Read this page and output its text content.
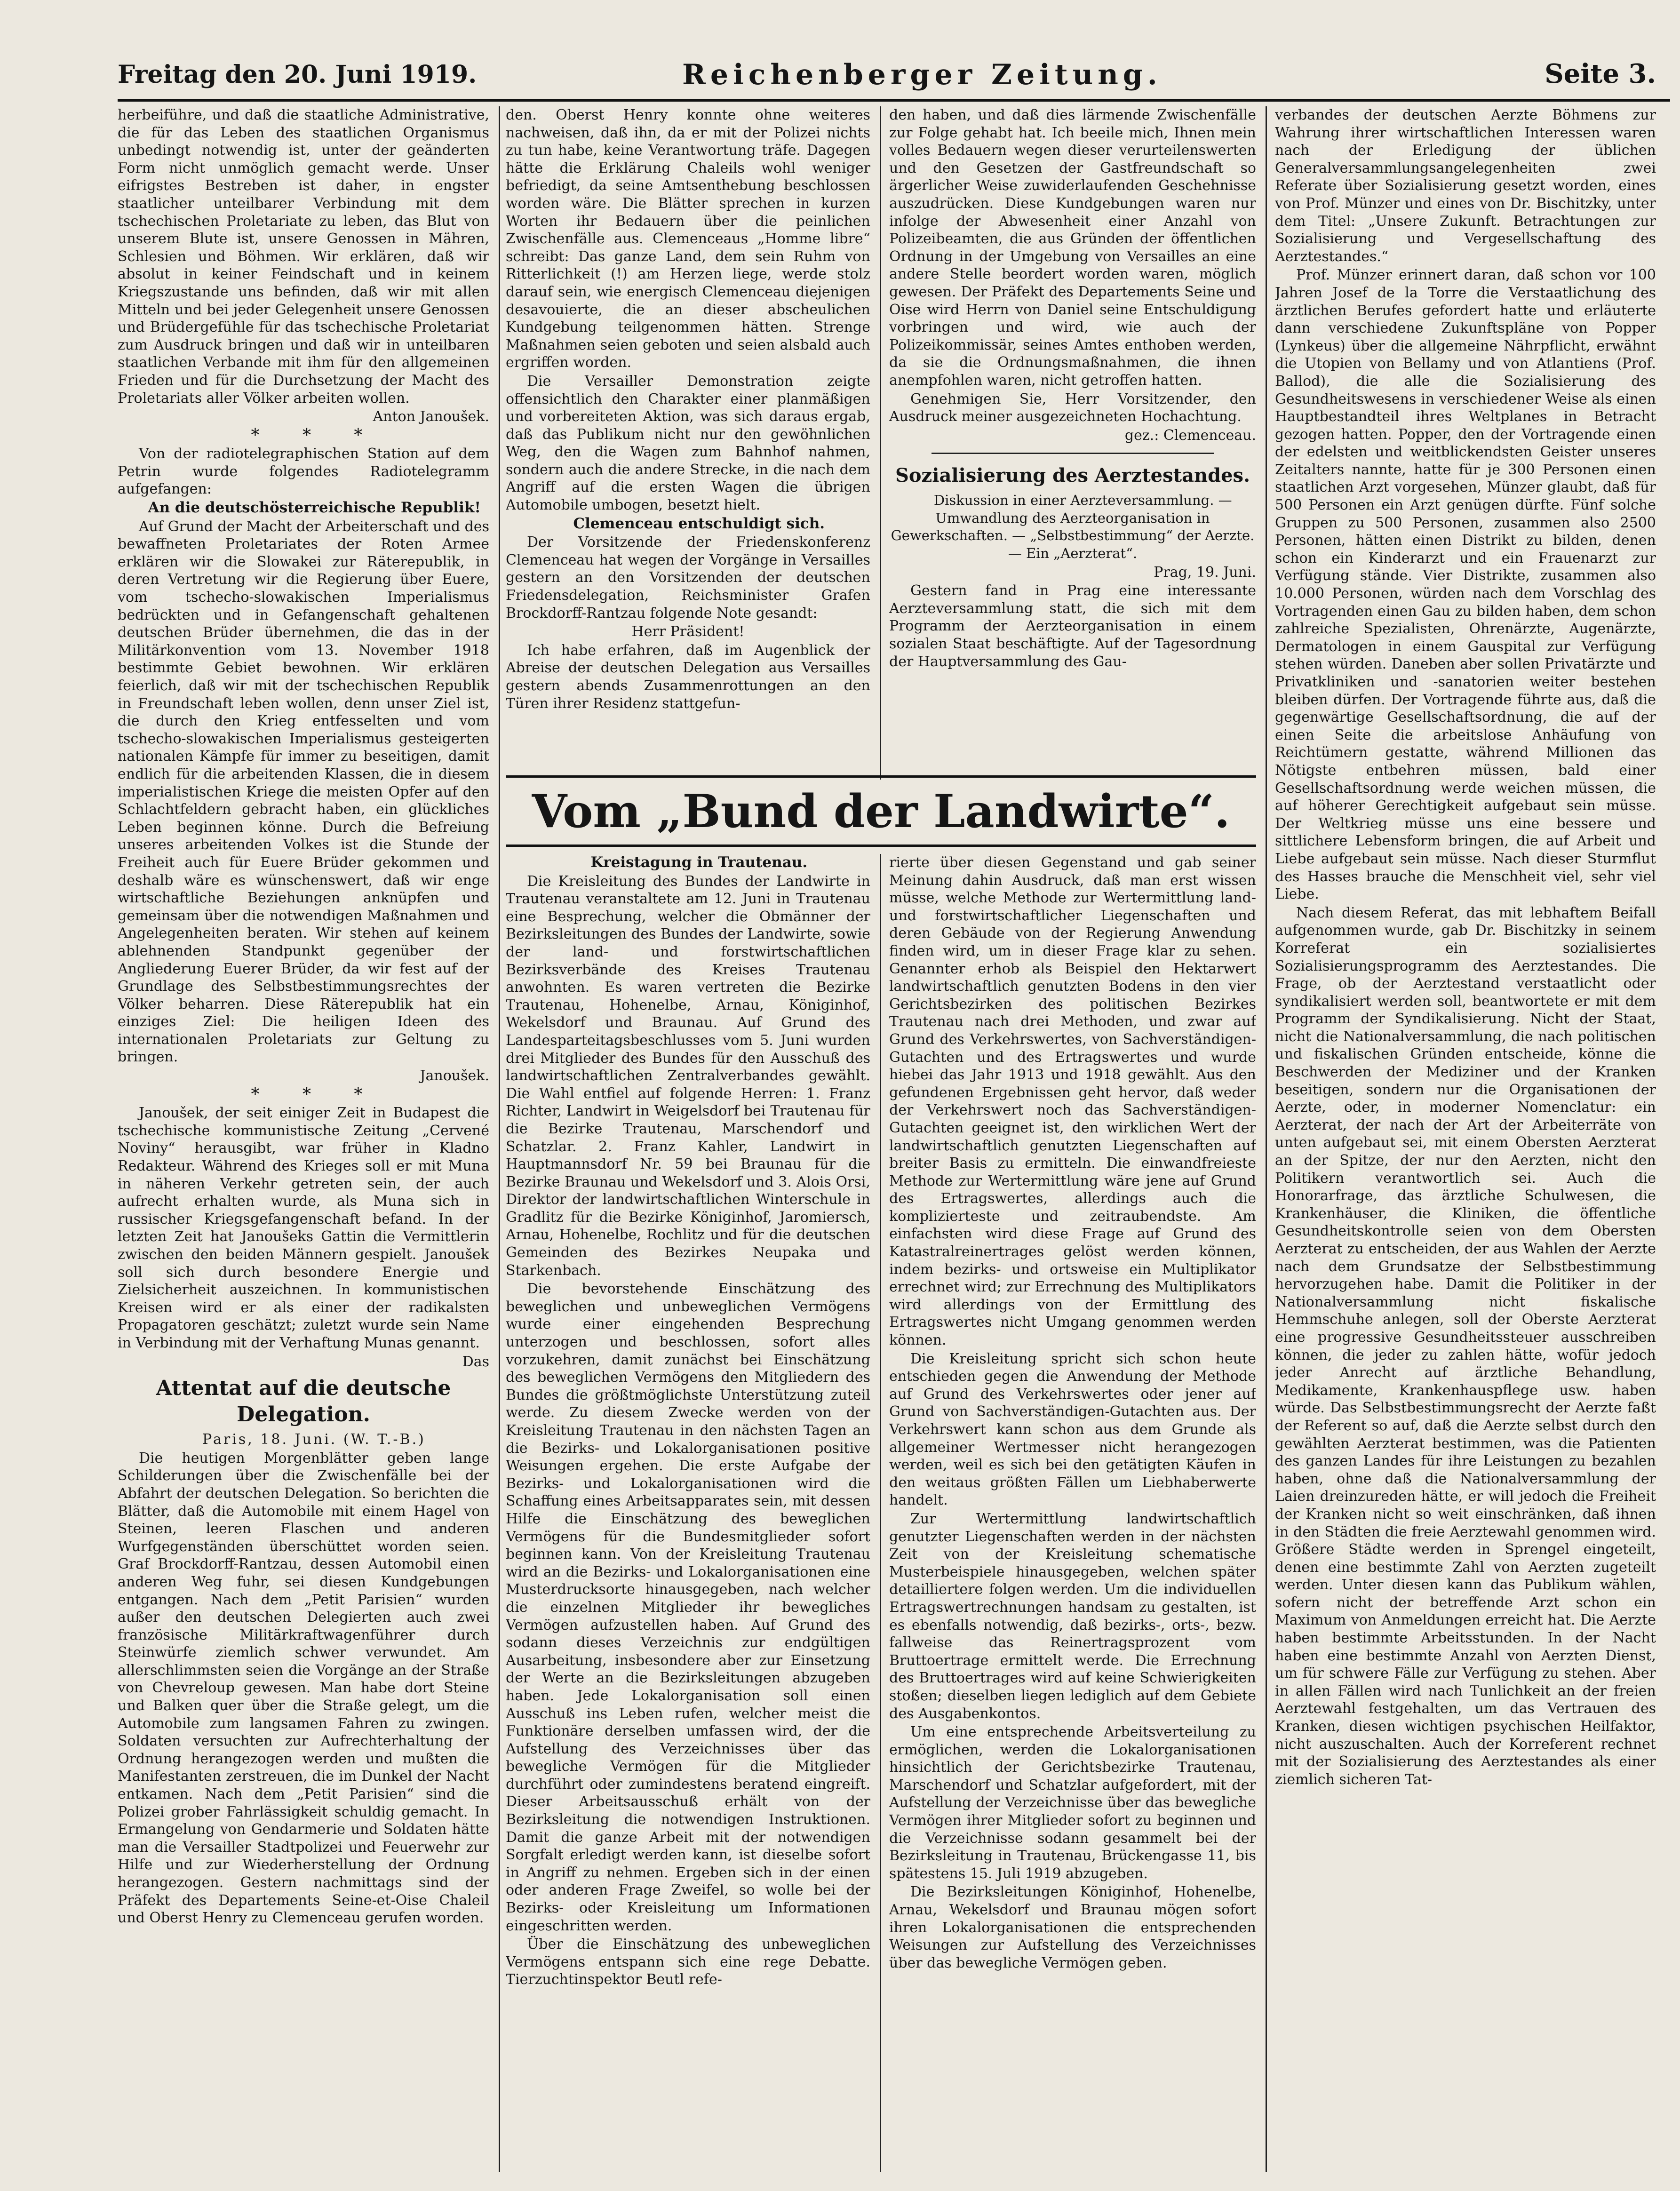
Freitag den 20. Juni 1919.	Reichenberger Zeitung.	Seite 3.

herbeiführe, und daß die staatliche Administrative, die für das Leben des staatlichen Organismus unbedingt notwendig ist, unter der geänderten Form nicht unmöglich gemacht werde. Unser eifrigstes Bestreben ist daher, in engster staatlicher unteilbarer Verbindung mit dem tschechischen Proletariate zu leben, das Blut von unserem Blute ist, unsere Genossen in Mähren, Schlesien und Böhmen. Wir erklären, daß wir absolut in keiner Feindschaft und in keinem Kriegszustande uns befinden, daß wir mit allen Mitteln und bei jeder Gelegenheit unsere Genossen und Brüdergefühle für das tschechische Proletariat zum Ausdruck bringen und daß wir in unteilbaren staatlichen Verbande mit ihm für den allgemeinen Frieden und für die Durchsetzung der Macht des Proletariats aller Völker arbeiten wollen.

Anton Janoušek.

* * *

Von der radiotelegraphischen Station auf dem Petrin wurde folgendes Radiotelegramm aufgefangen:

An die deutschösterreichische Republik!

Auf Grund der Macht der Arbeiterschaft und des bewaffneten Proletariates der Roten Armee erklären wir die Slowakei zur Räterepublik, in deren Vertretung wir die Regierung über Euere, vom tschecho-slowakischen Imperialismus bedrückten und in Gefangenschaft gehaltenen deutschen Brüder übernehmen, die das in der Militärkonvention vom 13. November 1918 bestimmte Gebiet bewohnen. Wir erklären feierlich, daß wir mit der tschechischen Republik in Freundschaft leben wollen, denn unser Ziel ist, die durch den Krieg entfesselten und vom tschecho-slowakischen Imperialismus gesteigerten nationalen Kämpfe für immer zu beseitigen, damit endlich für die arbeitenden Klassen, die in diesem imperialistischen Kriege die meisten Opfer auf den Schlachtfeldern gebracht haben, ein glückliches Leben beginnen könne. Durch die Befreiung unseres arbeitenden Volkes ist die Stunde der Freiheit auch für Euere Brüder gekommen und deshalb wäre es wünschenswert, daß wir enge wirtschaftliche Beziehungen anknüpfen und gemeinsam über die notwendigen Maßnahmen und Angelegenheiten beraten. Wir stehen auf keinem ablehnenden Standpunkt gegenüber der Angliederung Euerer Brüder, da wir fest auf der Grundlage des Selbstbestimmungsrechtes der Völker beharren. Diese Räterepublik hat ein einziges Ziel: Die heiligen Ideen des internationalen Proletariats zur Geltung zu bringen.

Janoušek.

* * *

Janoušek, der seit einiger Zeit in Budapest die tschechische kommunistische Zeitung „Cervené Noviny“ herausgibt, war früher in Kladno Redakteur. Während des Krieges soll er mit Muna in näheren Verkehr getreten sein, der auch aufrecht erhalten wurde, als Muna sich in russischer Kriegsgefangenschaft befand. In der letzten Zeit hat Janoušeks Gattin die Vermittlerin zwischen den beiden Männern gespielt. Janoušek soll sich durch besondere Energie und Zielsicherheit auszeichnen. In kommunistischen Kreisen wird er als einer der radikalsten Propagatoren geschätzt; zuletzt wurde sein Name in Verbindung mit der Verhaftung Munas genannt.

Das

Attentat auf die deutsche Delegation.

Paris, 18. Juni. (W. T.-B.)

Die heutigen Morgenblätter geben lange Schilderungen über die Zwischenfälle bei der Abfahrt der deutschen Delegation. So berichten die Blätter, daß die Automobile mit einem Hagel von Steinen, leeren Flaschen und anderen Wurfgegenständen überschüttet worden seien. Graf Brockdorff-Rantzau, dessen Automobil einen anderen Weg fuhr, sei diesen Kundgebungen entgangen. Nach dem „Petit Parisien“ wurden außer den deutschen Delegierten auch zwei französische Militärkraftwagenführer durch Steinwürfe ziemlich schwer verwundet. Am allerschlimmsten seien die Vorgänge an der Straße von Chevreloup gewesen. Man habe dort Steine und Balken quer über die Straße gelegt, um die Automobile zum langsamen Fahren zu zwingen. Soldaten versuchten zur Aufrechterhaltung der Ordnung herangezogen werden und mußten die Manifestanten zerstreuen, die im Dunkel der Nacht entkamen. Nach dem „Petit Parisien“ sind die Polizei grober Fahrlässigkeit schuldig gemacht. In Ermangelung von Gendarmerie und Soldaten hätte man die Versailler Stadtpolizei und Feuerwehr zur Hilfe und zur Wiederherstellung der Ordnung herangezogen. Gestern nachmittags sind der Präfekt des Departements Seine-et-Oise Chaleil und Oberst Henry zu Clemenceau gerufen worden.

den. Oberst Henry konnte ohne weiteres nachweisen, daß ihn, da er mit der Polizei nichts zu tun habe, keine Verantwortung träfe. Dagegen hätte die Erklärung Chaleils wohl weniger befriedigt, da seine Amtsenthebung beschlossen worden wäre. Die Blätter sprechen in kurzen Worten ihr Bedauern über die peinlichen Zwischenfälle aus. Clemenceaus „Homme libre“ schreibt: Das ganze Land, dem sein Ruhm von Ritterlichkeit (!) am Herzen liege, werde stolz darauf sein, wie energisch Clemenceau diejenigen desavouierte, die an dieser abscheulichen Kundgebung teilgenommen hätten. Strenge Maßnahmen seien geboten und seien alsbald auch ergriffen worden.

Die Versailler Demonstration zeigte offensichtlich den Charakter einer planmäßigen und vorbereiteten Aktion, was sich daraus ergab, daß das Publikum nicht nur den gewöhnlichen Weg, den die Wagen zum Bahnhof nahmen, sondern auch die andere Strecke, in die nach dem Angriff auf die ersten Wagen die übrigen Automobile umbogen, besetzt hielt.

Clemenceau entschuldigt sich.

Der Vorsitzende der Friedenskonferenz Clemenceau hat wegen der Vorgänge in Versailles gestern an den Vorsitzenden der deutschen Friedensdelegation, Reichsminister Grafen Brockdorff-Rantzau folgende Note gesandt:

Herr Präsident!

Ich habe erfahren, daß im Augenblick der Abreise der deutschen Delegation aus Versailles gestern abends Zusammenrottungen an den Türen ihrer Residenz stattgefun-

den haben, und daß dies lärmende Zwischenfälle zur Folge gehabt hat. Ich beeile mich, Ihnen mein volles Bedauern wegen dieser verurteilenswerten und den Gesetzen der Gastfreundschaft so ärgerlicher Weise zuwiderlaufenden Geschehnisse auszudrücken. Diese Kundgebungen waren nur infolge der Abwesenheit einer Anzahl von Polizeibeamten, die aus Gründen der öffentlichen Ordnung in der Umgebung von Versailles an eine andere Stelle beordert worden waren, möglich gewesen. Der Präfekt des Departements Seine und Oise wird Herrn von Daniel seine Entschuldigung vorbringen und wird, wie auch der Polizeikommissär, seines Amtes enthoben werden, da sie die Ordnungsmaßnahmen, die ihnen anempfohlen waren, nicht getroffen hatten.

Genehmigen Sie, Herr Vorsitzender, den Ausdruck meiner ausgezeichneten Hochachtung.

gez.: Clemenceau.

Sozialisierung des Aerztestandes.

Diskussion in einer Aerzteversammlung. — Umwandlung des Aerzteorganisation in Gewerkschaften. — „Selbstbestimmung“ der Aerzte. — Ein „Aerzterat“.

Prag, 19. Juni.

Gestern fand in Prag eine interessante Aerzteversammlung statt, die sich mit dem Programm der Aerzteorganisation in einem sozialen Staat beschäftigte. Auf der Tagesordnung der Hauptversammlung des Gau-

Vom „Bund der Landwirte“.

verbandes der deutschen Aerzte Böhmens zur Wahrung ihrer wirtschaftlichen Interessen waren nach der Erledigung der üblichen Generalversammlungsangelegenheiten zwei Referate über Sozialisierung gesetzt worden, eines von Prof. Münzer und eines von Dr. Bischitzky, unter dem Titel: „Unsere Zukunft. Betrachtungen zur Sozialisierung und Vergesellschaftung des Aerztestandes.“

Prof. Münzer erinnert daran, daß schon vor 100 Jahren Josef de la Torre die Verstaatlichung des ärztlichen Berufes gefordert hatte und erläuterte dann verschiedene Zukunftspläne von Popper (Lynkeus) über die allgemeine Nährpflicht, erwähnt die Utopien von Bellamy und von Atlantiens (Prof. Ballod), die alle die Sozialisierung des Gesundheitswesens in verschiedener Weise als einen Hauptbestandteil ihres Weltplanes in Betracht gezogen hatten. Popper, den der Vortragende einen der edelsten und weitblickendsten Geister unseres Zeitalters nannte, hatte für je 300 Personen einen staatlichen Arzt vorgesehen, Münzer glaubt, daß für 500 Personen ein Arzt genügen dürfte. Fünf solche Gruppen zu 500 Personen, zusammen also 2500 Personen, hätten einen Distrikt zu bilden, denen schon ein Kinderarzt und ein Frauenarzt zur Verfügung stände. Vier Distrikte, zusammen also 10.000 Personen, würden nach dem Vorschlag des Vortragenden einen Gau zu bilden haben, dem schon zahlreiche Spezialisten, Ohrenärzte, Augenärzte, Dermatologen in einem Gauspital zur Verfügung stehen würden. Daneben aber sollen Privatärzte und Privatkliniken und -sanatorien weiter bestehen bleiben dürfen. Der Vortragende führte aus, daß die gegenwärtige Gesellschaftsordnung, die auf der einen Seite die arbeitslose Anhäufung von Reichtümern gestatte, während Millionen das Nötigste entbehren müssen, bald einer Gesellschaftsordnung werde weichen müssen, die auf höherer Gerechtigkeit aufgebaut sein müsse. Der Weltkrieg müsse uns eine bessere und sittlichere Lebensform bringen, die auf Arbeit und Liebe aufgebaut sein müsse. Nach dieser Sturmflut des Hasses brauche die Menschheit viel, sehr viel Liebe.

Nach diesem Referat, das mit lebhaftem Beifall aufgenommen wurde, gab Dr. Bischitzky in seinem Korreferat ein sozialisiertes Sozialisierungsprogramm des Aerztestandes. Die Frage, ob der Aerztestand verstaatlicht oder syndikalisiert werden soll, beantwortete er mit dem Programm der Syndikalisierung. Nicht der Staat, nicht die Nationalversammlung, die nach politischen und fiskalischen Gründen entscheide, könne die Beschwerden der Mediziner und der Kranken beseitigen, sondern nur die Organisationen der Aerzte, oder, in moderner Nomenclatur: ein Aerzterat, der nach der Art der Arbeiterräte von unten aufgebaut sei, mit einem Obersten Aerzterat an der Spitze, der nur den Aerzten, nicht den Politikern verantwortlich sei. Auch die Honorarfrage, das ärztliche Schulwesen, die Krankenhäuser, die Kliniken, die öffentliche Gesundheitskontrolle seien von dem Obersten Aerzterat zu entscheiden, der aus Wahlen der Aerzte nach dem Grundsatze der Selbstbestimmung hervorzugehen habe. Damit die Politiker in der Nationalversammlung nicht fiskalische Hemmschuhe anlegen, soll der Oberste Aerzterat eine progressive Gesundheitssteuer ausschreiben können, die jeder zu zahlen hätte, wofür jedoch jeder Anrecht auf ärztliche Behandlung, Medikamente, Krankenhauspflege usw. haben würde. Das Selbstbestimmungsrecht der Aerzte faßt der Referent so auf, daß die Aerzte selbst durch den gewählten Aerzterat bestimmen, was die Patienten des ganzen Landes für ihre Leistungen zu bezahlen haben, ohne daß die Nationalversammlung der Laien dreinzureden hätte, er will jedoch die Freiheit der Kranken nicht so weit einschränken, daß ihnen in den Städten die freie Aerztewahl genommen wird. Größere Städte werden in Sprengel eingeteilt, denen eine bestimmte Zahl von Aerzten zugeteilt werden. Unter diesen kann das Publikum wählen, sofern nicht der betreffende Arzt schon ein Maximum von Anmeldungen erreicht hat. Die Aerzte haben bestimmte Arbeitsstunden. In der Nacht haben eine bestimmte Anzahl von Aerzten Dienst, um für schwere Fälle zur Verfügung zu stehen. Aber in allen Fällen wird nach Tunlichkeit an der freien Aerztewahl festgehalten, um das Vertrauen des Kranken, diesen wichtigen psychischen Heilfaktor, nicht auszuschalten. Auch der Korreferent rechnet mit der Sozialisierung des Aerztestandes als einer ziemlich sicheren Tat-

Kreistagung in Trautenau.

Die Kreisleitung des Bundes der Landwirte in Trautenau veranstaltete am 12. Juni in Trautenau eine Besprechung, welcher die Obmänner der Bezirksleitungen des Bundes der Landwirte, sowie der land- und forstwirtschaftlichen Bezirksverbände des Kreises Trautenau anwohnten. Es waren vertreten die Bezirke Trautenau, Hohenelbe, Arnau, Königinhof, Wekelsdorf und Braunau. Auf Grund des Landesparteitagsbeschlusses vom 5. Juni wurden drei Mitglieder des Bundes für den Ausschuß des landwirtschaftlichen Zentralverbandes gewählt. Die Wahl entfiel auf folgende Herren: 1. Franz Richter, Landwirt in Weigelsdorf bei Trautenau für die Bezirke Trautenau, Marschendorf und Schatzlar. 2. Franz Kahler, Landwirt in Hauptmannsdorf Nr. 59 bei Braunau für die Bezirke Braunau und Wekelsdorf und 3. Alois Orsi, Direktor der landwirtschaftlichen Winterschule in Gradlitz für die Bezirke Königinhof, Jaromiersch, Arnau, Hohenelbe, Rochlitz und für die deutschen Gemeinden des Bezirkes Neupaka und Starkenbach.

Die bevorstehende Einschätzung des beweglichen und unbeweglichen Vermögens wurde einer eingehenden Besprechung unterzogen und beschlossen, sofort alles vorzukehren, damit zunächst bei Einschätzung des beweglichen Vermögens den Mitgliedern des Bundes die größtmöglichste Unterstützung zuteil werde. Zu diesem Zwecke werden von der Kreisleitung Trautenau in den nächsten Tagen an die Bezirks- und Lokalorganisationen positive Weisungen ergehen. Die erste Aufgabe der Bezirks- und Lokalorganisationen wird die Schaffung eines Arbeitsapparates sein, mit dessen Hilfe die Einschätzung des beweglichen Vermögens für die Bundesmitglieder sofort beginnen kann. Von der Kreisleitung Trautenau wird an die Bezirks- und Lokalorganisationen eine Musterdrucksorte hinausgegeben, nach welcher die einzelnen Mitglieder ihr bewegliches Vermögen aufzustellen haben. Auf Grund des sodann dieses Verzeichnis zur endgültigen Ausarbeitung, insbesondere aber zur Einsetzung der Werte an die Bezirksleitungen abzugeben haben. Jede Lokalorganisation soll einen Ausschuß ins Leben rufen, welcher meist die Funktionäre derselben umfassen wird, der die Aufstellung des Verzeichnisses über das bewegliche Vermögen für die Mitglieder durchführt oder zumindestens beratend eingreift. Dieser Arbeitsausschuß erhält von der Bezirksleitung die notwendigen Instruktionen. Damit die ganze Arbeit mit der notwendigen Sorgfalt erledigt werden kann, ist dieselbe sofort in Angriff zu nehmen. Ergeben sich in der einen oder anderen Frage Zweifel, so wolle bei der Bezirks- oder Kreisleitung um Informationen eingeschritten werden.

Über die Einschätzung des unbeweglichen Vermögens entspann sich eine rege Debatte. Tierzuchtinspektor Beutl refe-

rierte über diesen Gegenstand und gab seiner Meinung dahin Ausdruck, daß man erst wissen müsse, welche Methode zur Wertermittlung land- und forstwirtschaftlicher Liegenschaften und deren Gebäude von der Regierung Anwendung finden wird, um in dieser Frage klar zu sehen. Genannter erhob als Beispiel den Hektarwert landwirtschaftlich genutzten Bodens in den vier Gerichtsbezirken des politischen Bezirkes Trautenau nach drei Methoden, und zwar auf Grund des Verkehrswertes, von Sachverständigen-Gutachten und des Ertragswertes und wurde hiebei das Jahr 1913 und 1918 gewählt. Aus den gefundenen Ergebnissen geht hervor, daß weder der Verkehrswert noch das Sachverständigen-Gutachten geeignet ist, den wirklichen Wert der landwirtschaftlich genutzten Liegenschaften auf breiter Basis zu ermitteln. Die einwandfreieste Methode zur Wertermittlung wäre jene auf Grund des Ertragswertes, allerdings auch die komplizierteste und zeitraubendste. Am einfachsten wird diese Frage auf Grund des Katastralreinertrages gelöst werden können, indem bezirks- und ortsweise ein Multiplikator errechnet wird; zur Errechnung des Multiplikators wird allerdings von der Ermittlung des Ertragswertes nicht Umgang genommen werden können.

Die Kreisleitung spricht sich schon heute entschieden gegen die Anwendung der Methode auf Grund des Verkehrswertes oder jener auf Grund von Sachverständigen-Gutachten aus. Der Verkehrswert kann schon aus dem Grunde als allgemeiner Wertmesser nicht herangezogen werden, weil es sich bei den getätigten Käufen in den weitaus größten Fällen um Liebhaberwerte handelt.

Zur Wertermittlung landwirtschaftlich genutzter Liegenschaften werden in der nächsten Zeit von der Kreisleitung schematische Musterbeispiele hinausgegeben, welchen später detailliertere folgen werden. Um die individuellen Ertragswertrechnungen handsam zu gestalten, ist es ebenfalls notwendig, daß bezirks-, orts-, bezw. fallweise das Reinertragsprozent vom Bruttoertrage ermittelt werde. Die Errechnung des Bruttoertrages wird auf keine Schwierigkeiten stoßen; dieselben liegen lediglich auf dem Gebiete des Ausgabenkontos.

Um eine entsprechende Arbeitsverteilung zu ermöglichen, werden die Lokalorganisationen hinsichtlich der Gerichtsbezirke Trautenau, Marschendorf und Schatzlar aufgefordert, mit der Aufstellung der Verzeichnisse über das bewegliche Vermögen ihrer Mitglieder sofort zu beginnen und die Verzeichnisse sodann gesammelt bei der Bezirksleitung in Trautenau, Brückengasse 11, bis spätestens 15. Juli 1919 abzugeben.

Die Bezirksleitungen Königinhof, Hohenelbe, Arnau, Wekelsdorf und Braunau mögen sofort ihren Lokalorganisationen die entsprechenden Weisungen zur Aufstellung des Verzeichnisses über das bewegliche Vermögen geben.
